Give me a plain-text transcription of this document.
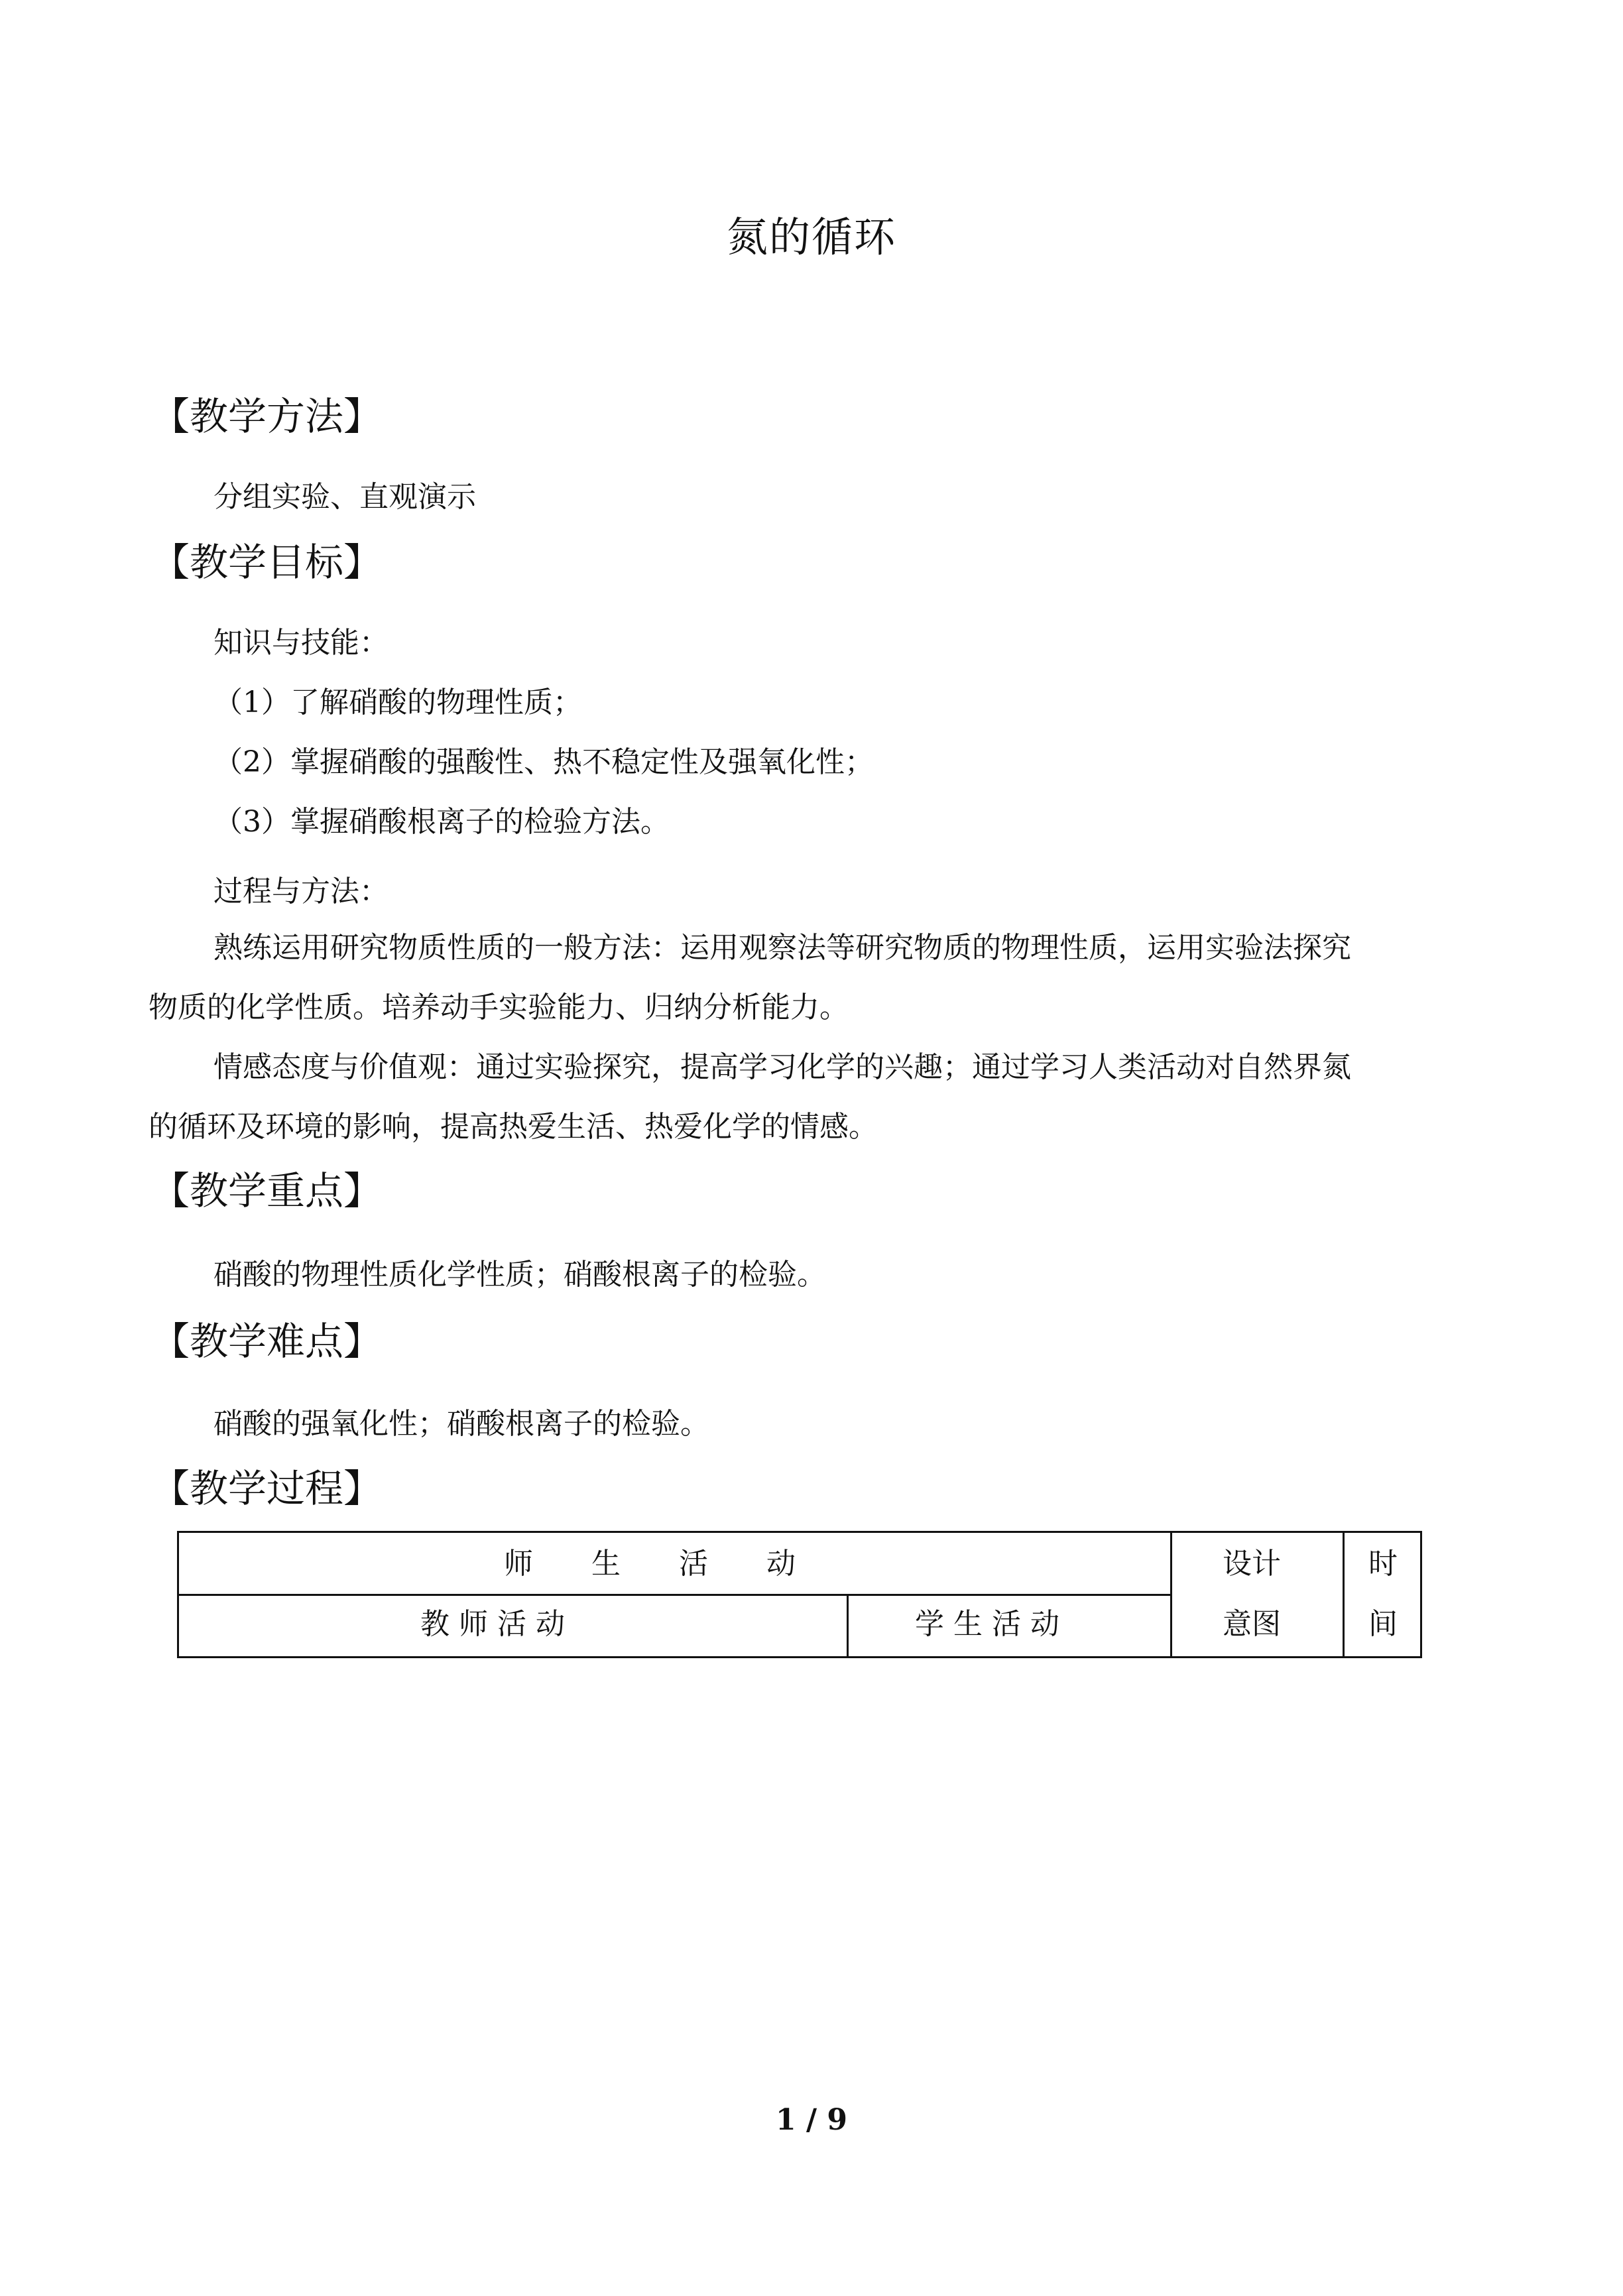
氮的循环
【教学方法】
分组实验、直观演示
【教学目标】
知识与技能：
（1）了解硝酸的物理性质；
（2）掌握硝酸的强酸性、热不稳定性及强氧化性；
（3）掌握硝酸根离子的检验方法。
过程与方法：
熟练运用研究物质性质的一般方法：运用观察法等研究物质的物理性质，运用实验法探究
物质的化学性质。培养动手实验能力、归纳分析能力。
情感态度与价值观：通过实验探究，提高学习化学的兴趣；通过学习人类活动对自然界氮
的循环及环境的影响，提高热爱生活、热爱化学的情感。
【教学重点】
硝酸的物理性质化学性质；硝酸根离子的检验。
【教学难点】
硝酸的强氧化性；硝酸根离子的检验。
【教学过程】
师　　生　　活　　动
教 师 活 动	学 生 活 动
设计
意图
时
间
1 / 9
